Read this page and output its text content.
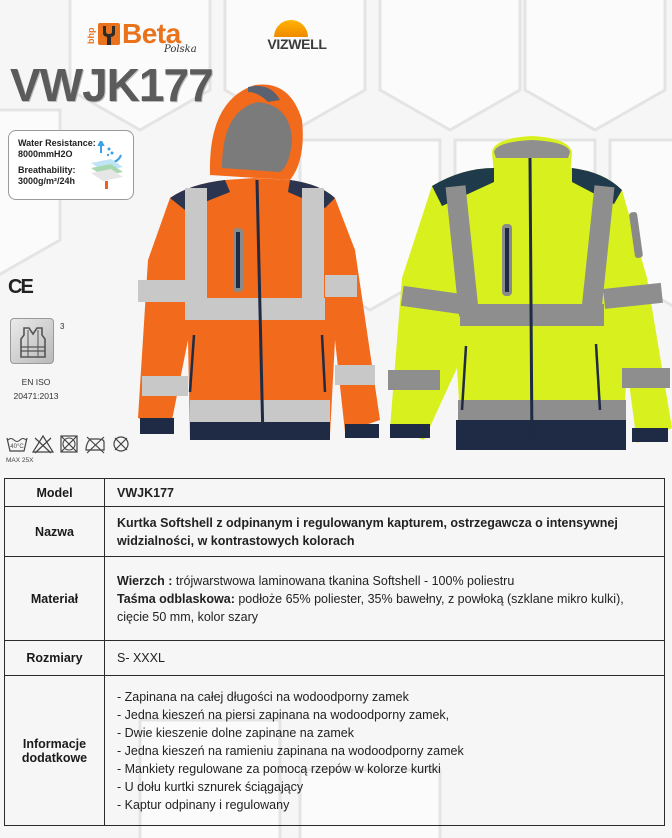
bhp Beta
Polska	VIZWELL
VWJK177
Water Resistance:
8000mmH2O
Breathability:
3000g/m²/24h
CE
3
EN ISO
20471:2013
40°C
MAX 25X
Model	VWJK177
Nazwa	Kurtka Softshell z odpinanym i regulowanym kapturem, ostrzegawcza o intensywnej widzialności, w kontrastowych kolorach
Materiał	Wierzch : trójwarstwowa laminowana tkanina Softshell - 100% poliestru
Taśma odblaskowa: podłoże 65% poliester, 35% bawełny, z powłoką (szklane mikro kulki), cięcie 50 mm, kolor szary

Rozmiary	S- XXXL

Informacje
dodatkowe

- Zapinana na całej długości na wodoodporny zamek
- Jedna kieszeń na piersi zapinana na wodoodporny zamek,
- Dwie kieszenie dolne zapinane na zamek
- Jedna kieszeń na ramieniu zapinana na wodoodporny zamek
- Mankiety regulowane za pomocą rzepów w kolorze kurtki
- U dołu kurtki sznurek ściągający
- Kaptur odpinany i regulowany
